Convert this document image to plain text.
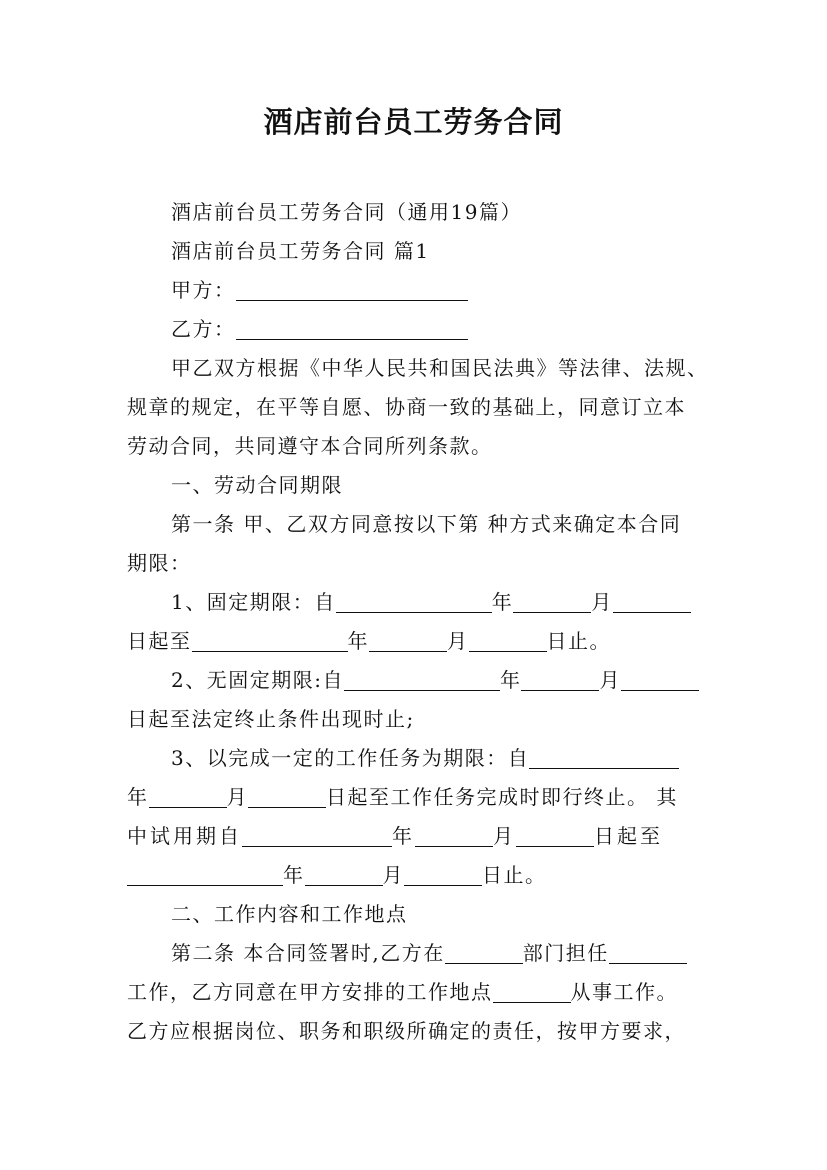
酒店前台员工劳务合同
酒店前台员工劳务合同（通用19篇）
酒店前台员工劳务合同 篇1
甲方：
乙方：
甲乙双方根据《中华人民共和国民法典》等法律、法规、
规章的规定，在平等自愿、协商一致的基础上，同意订立本
劳动合同，共同遵守本合同所列条款。
一、劳动合同期限
第一条 甲、乙双方同意按以下第 种方式来确定本合同
期限：
1、固定期限：自	年	月
日起至	年	月	日止。
2、无固定期限:自	年	月
日起至法定终止条件出现时止;
3、以完成一定的工作任务为期限：自
年	月	日起至工作任务完成时即行终止。 其
中试用期自	年	月	日起至
年	月	日止。
二、工作内容和工作地点
第二条 本合同签署时,乙方在	部门担任
工作，乙方同意在甲方安排的工作地点	从事工作。
乙方应根据岗位、职务和职级所确定的责任，按甲方要求，
